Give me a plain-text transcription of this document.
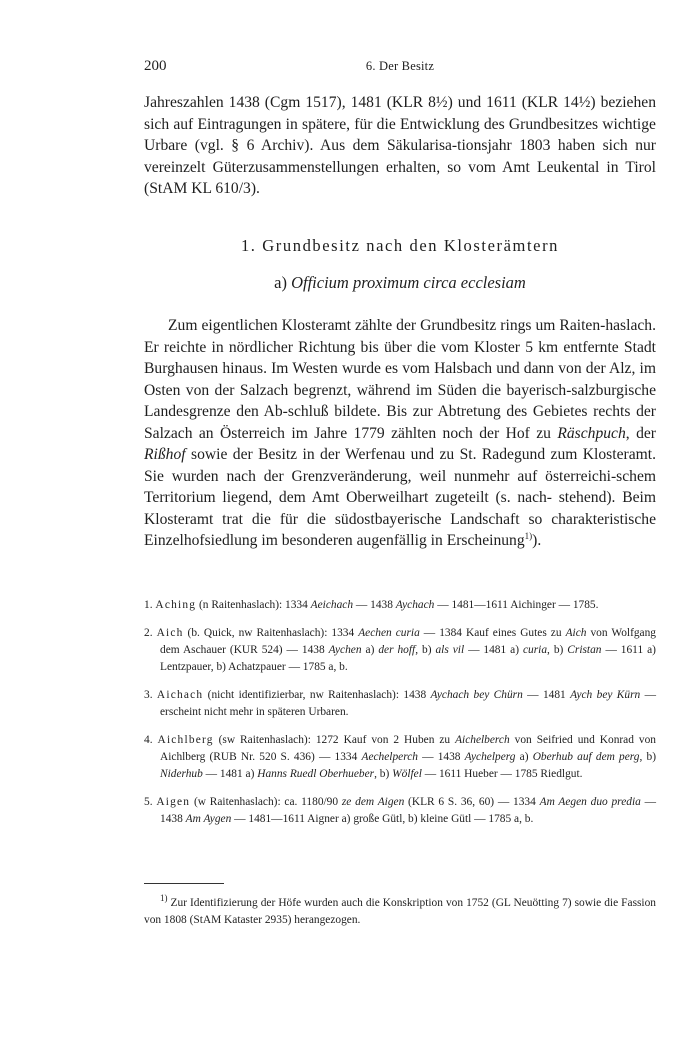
200	6. Der Besitz

Jahreszahlen 1438 (Cgm 1517), 1481 (KLR 8½) und 1611 (KLR 14½) beziehen sich auf Eintragungen in spätere, für die Entwicklung des Grundbesitzes wichtige Urbare (vgl. § 6 Archiv). Aus dem Säkularisa-tionsjahr 1803 haben sich nur vereinzelt Güterzusammenstellungen erhalten, so vom Amt Leukental in Tirol (StAM KL 610/3).

1. Grundbesitz nach den Klosterämtern
a) Officium proximum circa ecclesiam

Zum eigentlichen Klosteramt zählte der Grundbesitz rings um Raiten-haslach. Er reichte in nördlicher Richtung bis über die vom Kloster 5 km entfernte Stadt Burghausen hinaus. Im Westen wurde es vom Halsbach und dann von der Alz, im Osten von der Salzach begrenzt, während im Süden die bayerisch-salzburgische Landesgrenze den Ab-schluß bildete. Bis zur Abtretung des Gebietes rechts der Salzach an Österreich im Jahre 1779 zählten noch der Hof zu Räschpuch, der Rißhof sowie der Besitz in der Werfenau und zu St. Radegund zum Klosteramt. Sie wurden nach der Grenzveränderung, weil nunmehr auf österreichi-schem Territorium liegend, dem Amt Oberweilhart zugeteilt (s. nach- stehend). Beim Klosteramt trat die für die südostbayerische Landschaft so charakteristische Einzelhofsiedlung im besonderen augenfällig in Erscheinung$^{1)}$).

1. Aching (n Raitenhaslach): 1334 Aeichach — 1438 Aychach — 1481—1611 Aichinger — 1785.
2. Aich (b. Quick, nw Raitenhaslach): 1334 Aechen curia — 1384 Kauf eines Gutes zu Aich von Wolfgang dem Aschauer (KUR 524) — 1438 Aychen a) der hoff, b) als vil — 1481 a) curia, b) Cristan — 1611 a) Lentzpauer, b) Achatzpauer — 1785 a, b.
3. Aichach (nicht identifizierbar, nw Raitenhaslach): 1438 Aychach bey Chürn — 1481 Aych bey Kürn — erscheint nicht mehr in späteren Urbaren.
4. Aichlberg (sw Raitenhaslach): 1272 Kauf von 2 Huben zu Aichelberch von Seifried und Konrad von Aichlberg (RUB Nr. 520 S. 436) — 1334 Aechelperch — 1438 Aychelperg a) Oberhub auf dem perg, b) Niderhub — 1481 a) Hanns Ruedl Oberhueber, b) Wölfel — 1611 Hueber — 1785 Riedlgut.
5. Aigen (w Raitenhaslach): ca. 1180/90 ze dem Aigen (KLR 6 S. 36, 60) — 1334 Am Aegen duo predia — 1438 Am Aygen — 1481—1611 Aigner a) große Gütl, b) kleine Gütl — 1785 a, b.

$^{1)}$ Zur Identifizierung der Höfe wurden auch die Konskription von 1752 (GL Neuötting 7) sowie die Fassion von 1808 (StAM Kataster 2935) herangezogen.
